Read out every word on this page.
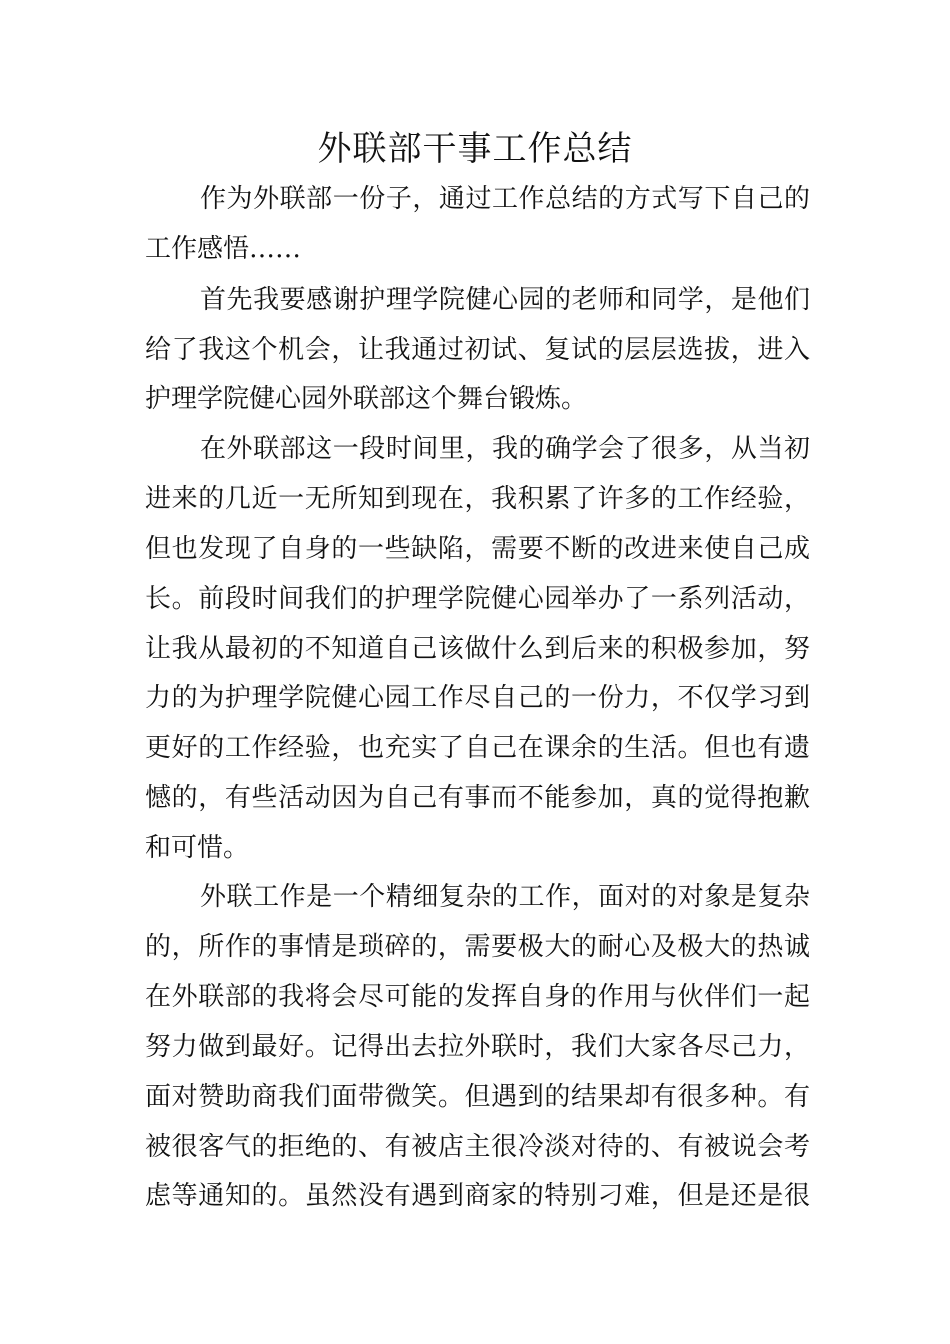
外联部干事工作总结

作为外联部一份子，通过工作总结的方式写下自己的

工作感悟……

首先我要感谢护理学院健心园的老师和同学，是他们

给了我这个机会，让我通过初试、复试的层层选拔，进入

护理学院健心园外联部这个舞台锻炼。

在外联部这一段时间里，我的确学会了很多，从当初

进来的几近一无所知到现在，我积累了许多的工作经验，

但也发现了自身的一些缺陷，需要不断的改进来使自己成

长。前段时间我们的护理学院健心园举办了一系列活动，

让我从最初的不知道自己该做什么到后来的积极参加，努

力的为护理学院健心园工作尽自己的一份力，不仅学习到

更好的工作经验，也充实了自己在课余的生活。但也有遗

憾的，有些活动因为自己有事而不能参加，真的觉得抱歉

和可惜。

外联工作是一个精细复杂的工作，面对的对象是复杂

的，所作的事情是琐碎的，需要极大的耐心及极大的热诚

在外联部的我将会尽可能的发挥自身的作用与伙伴们一起

努力做到最好。记得出去拉外联时，我们大家各尽己力，

面对赞助商我们面带微笑。但遇到的结果却有很多种。有

被很客气的拒绝的、有被店主很冷淡对待的、有被说会考

虑等通知的。虽然没有遇到商家的特别刁难，但是还是很
